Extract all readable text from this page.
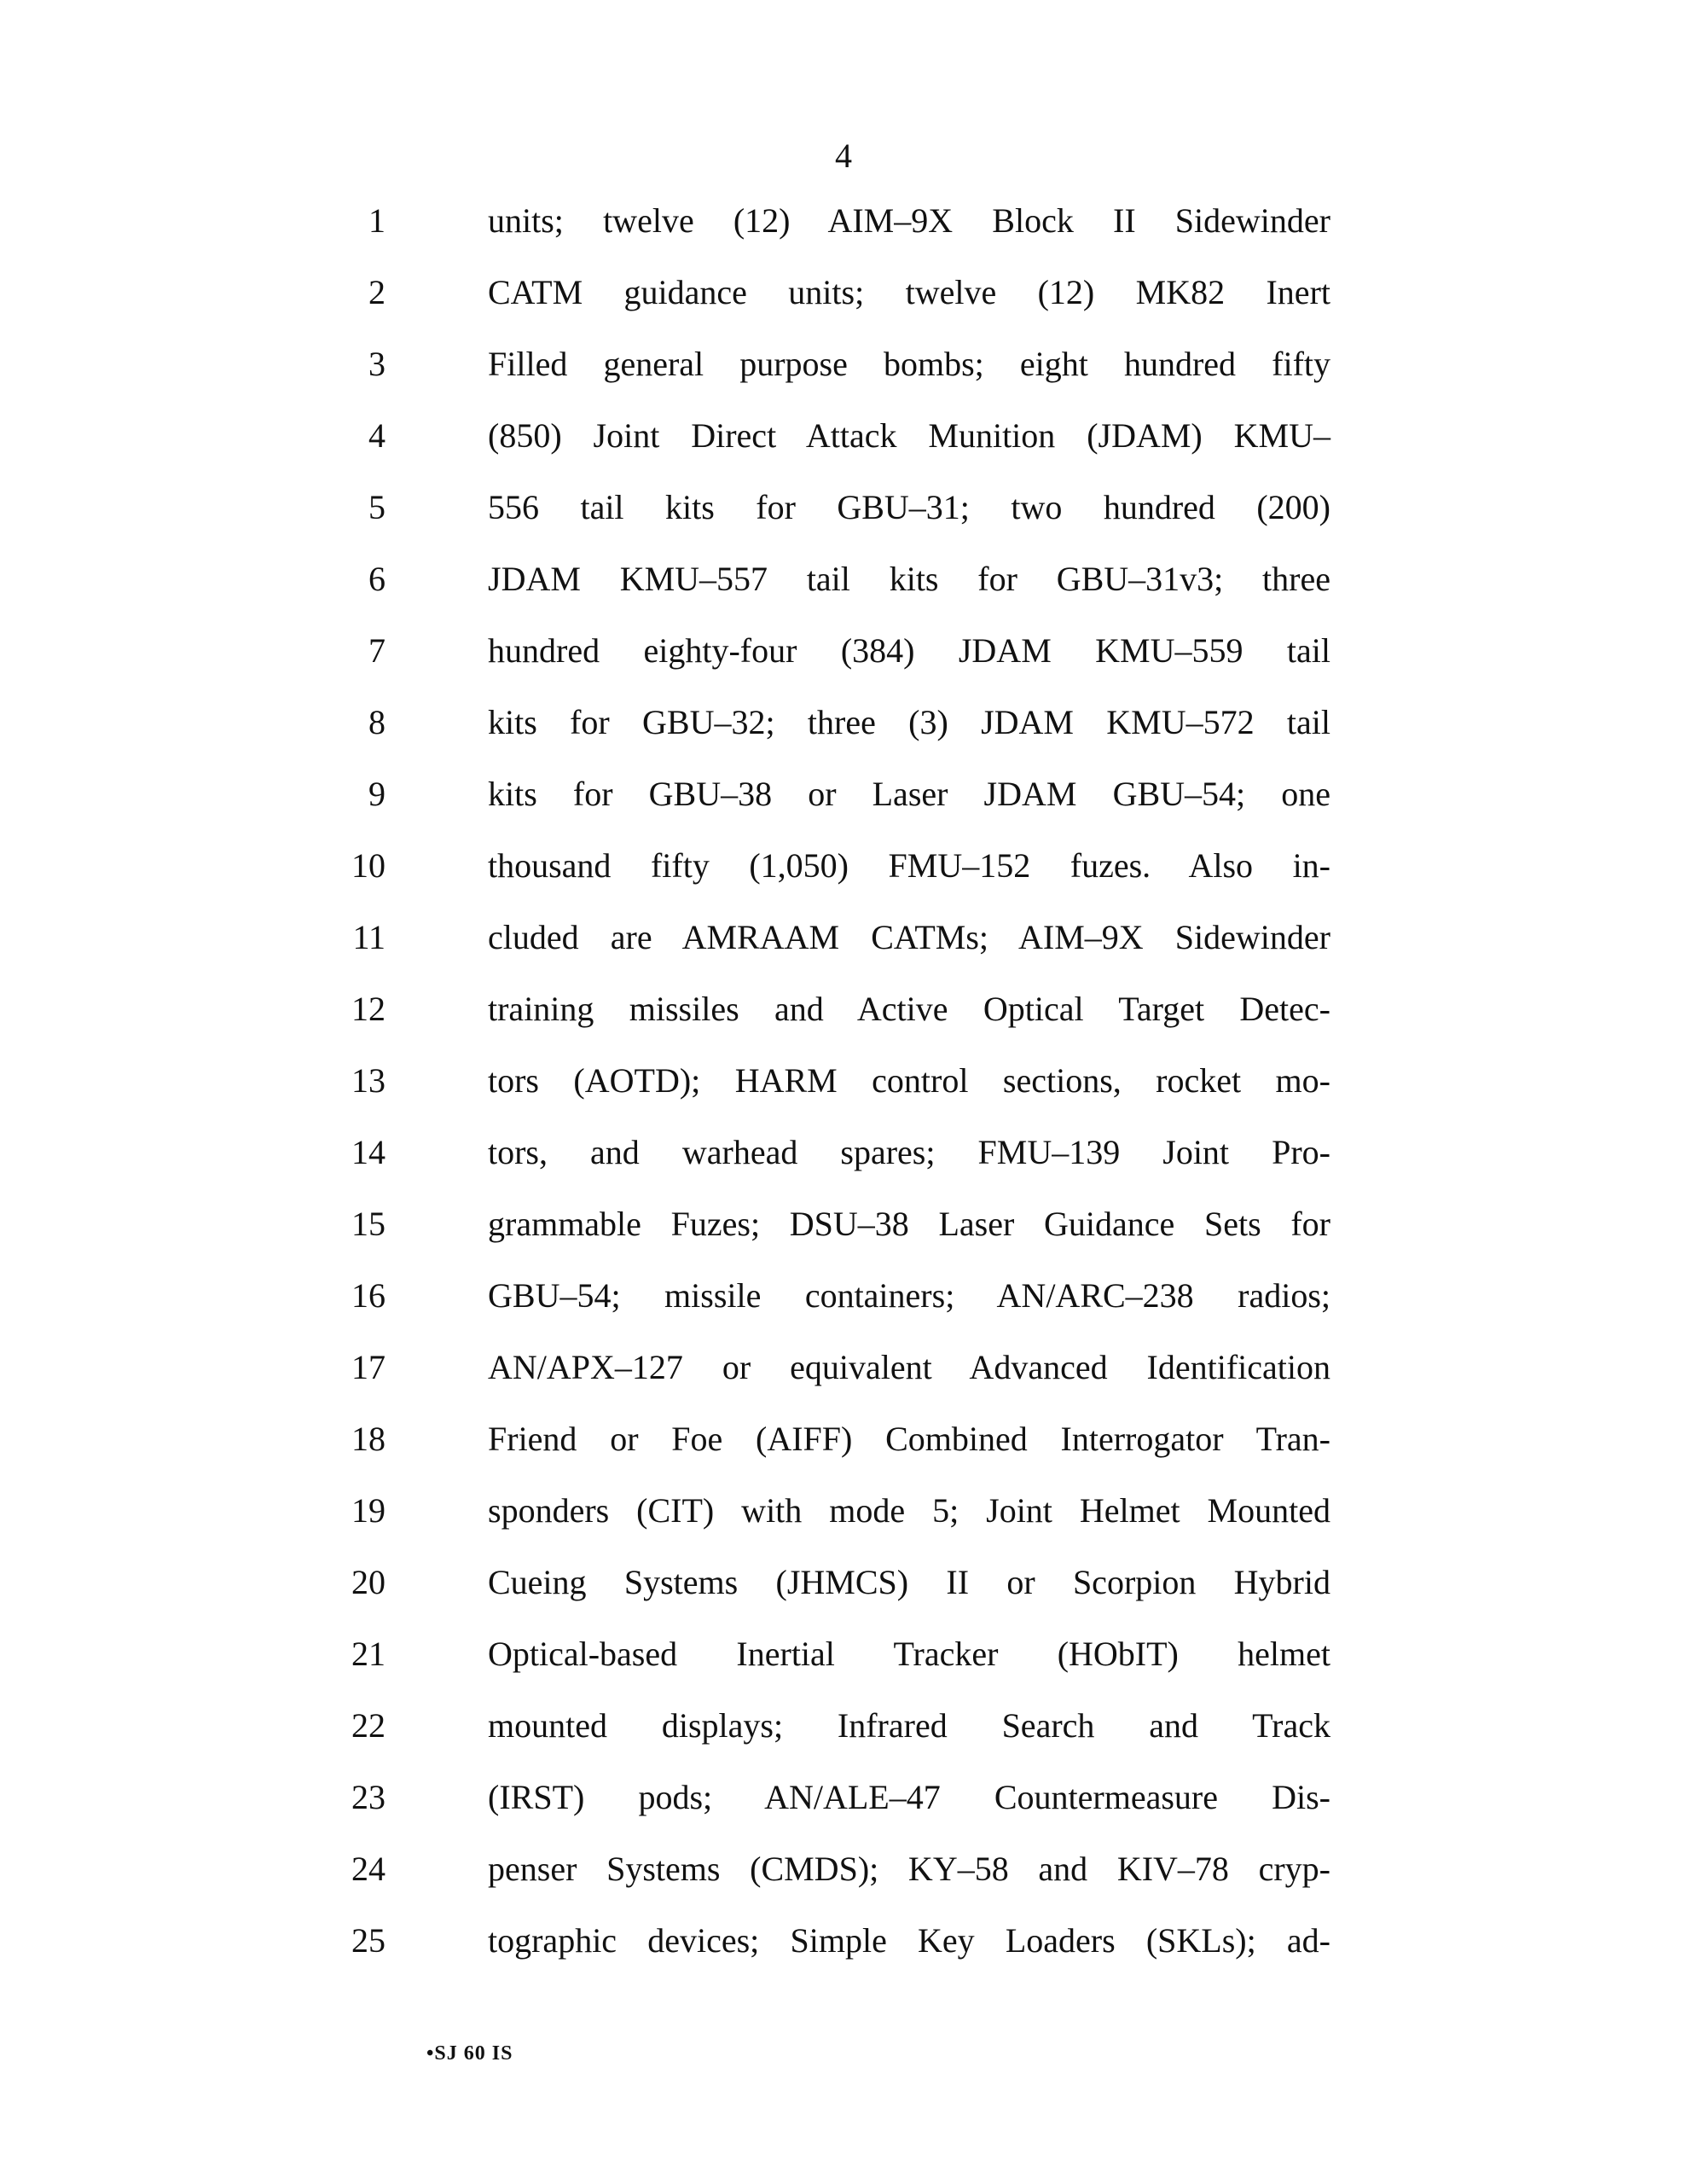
4
1	units; twelve (12) AIM–9X Block II Sidewinder
2	CATM guidance units; twelve (12) MK82 Inert
3	Filled general purpose bombs; eight hundred fifty
4	(850) Joint Direct Attack Munition (JDAM) KMU–
5	556 tail kits for GBU–31; two hundred (200)
6	JDAM KMU–557 tail kits for GBU–31v3; three
7	hundred eighty-four (384) JDAM KMU–559 tail
8	kits for GBU–32; three (3) JDAM KMU–572 tail
9	kits for GBU–38 or Laser JDAM GBU–54; one
10	thousand fifty (1,050) FMU–152 fuzes. Also in-
11	cluded are AMRAAM CATMs; AIM–9X Sidewinder
12	training missiles and Active Optical Target Detec-
13	tors (AOTD); HARM control sections, rocket mo-
14	tors, and warhead spares; FMU–139 Joint Pro-
15	grammable Fuzes; DSU–38 Laser Guidance Sets for
16	GBU–54; missile containers; AN/ARC–238 radios;
17	AN/APX–127 or equivalent Advanced Identification
18	Friend or Foe (AIFF) Combined Interrogator Tran-
19	sponders (CIT) with mode 5; Joint Helmet Mounted
20	Cueing Systems (JHMCS) II or Scorpion Hybrid
21	Optical-based Inertial Tracker (HObIT) helmet
22	mounted displays; Infrared Search and Track
23	(IRST) pods; AN/ALE–47 Countermeasure Dis-
24	penser Systems (CMDS); KY–58 and KIV–78 cryp-
25	tographic devices; Simple Key Loaders (SKLs); ad-
•SJ 60 IS
